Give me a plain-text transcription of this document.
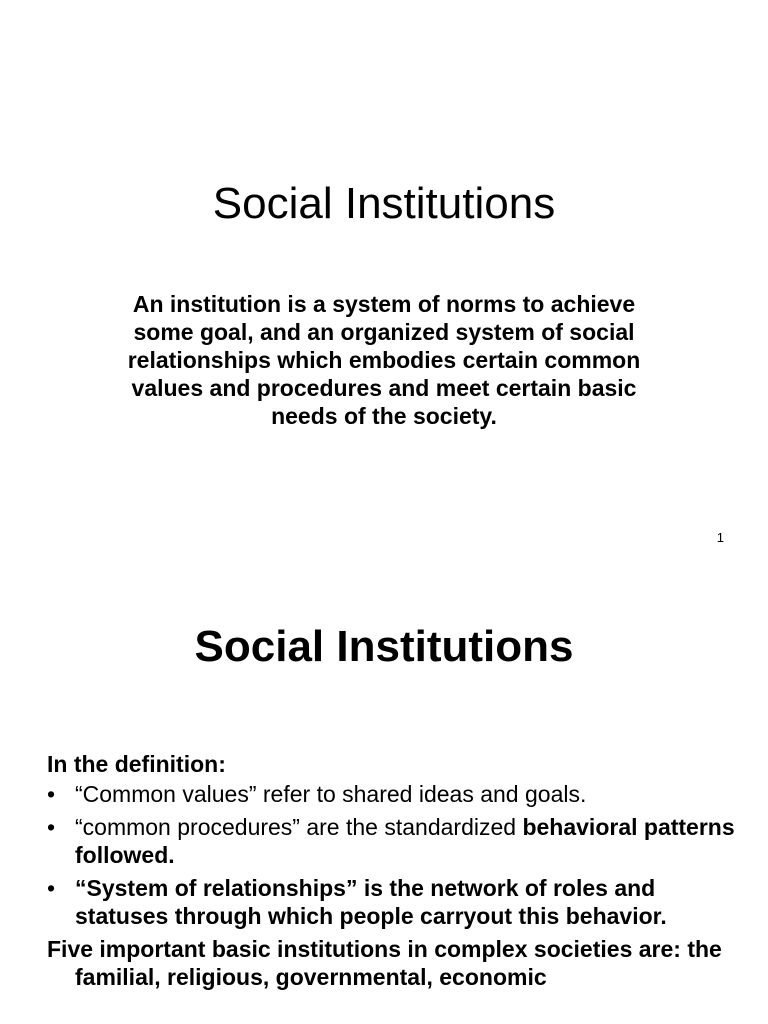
Social Institutions

An institution is a system of norms to achieve some goal, and an organized system of social relationships which embodies certain common values and procedures and meet certain basic needs of the society.

1
Social Institutions

In the definition:

• “Common values” refer to shared ideas and goals.
• “common procedures” are the standardized behavioral patterns followed.
• “System of relationships” is the network of roles and statuses through which people carryout this behavior.

Five important basic institutions in complex societies are: the familial, religious, governmental, economic
